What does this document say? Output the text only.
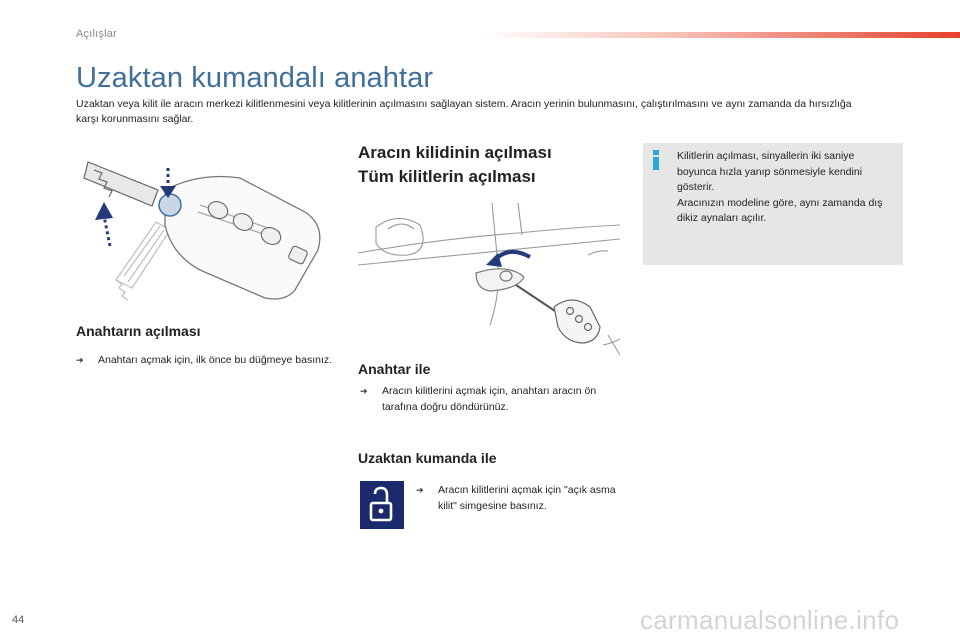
Açılışlar
Uzaktan kumandalı anahtar

Uzaktan veya kilit ile aracın merkezi kilitlenmesini veya kilitlerinin açılmasını sağlayan sistem. Aracın yerinin bulunmasını, çalıştırılmasını ve aynı zamanda da hırsızlığa karşı korunmasını sağlar.

Anahtarın açılması
➔	Anahtarı açmak için, ilk önce bu düğmeye basınız.
Aracın kilidinin açılması
Tüm kilitlerin açılması
Anahtar ile
➔	Aracın kilitlerini açmak için, anahtarı aracın ön tarafına doğru döndürünüz.
Uzaktan kumanda ile
➔	Aracın kilitlerini açmak için "açık asma kilit" simgesine basınız.
Kilitlerin açılması, sinyallerin iki saniye boyunca hızla yanıp sönmesiyle kendini gösterir.
Aracınızın modeline göre, aynı zamanda dış dikiz aynaları açılır.
44	carmanualsonline.info
